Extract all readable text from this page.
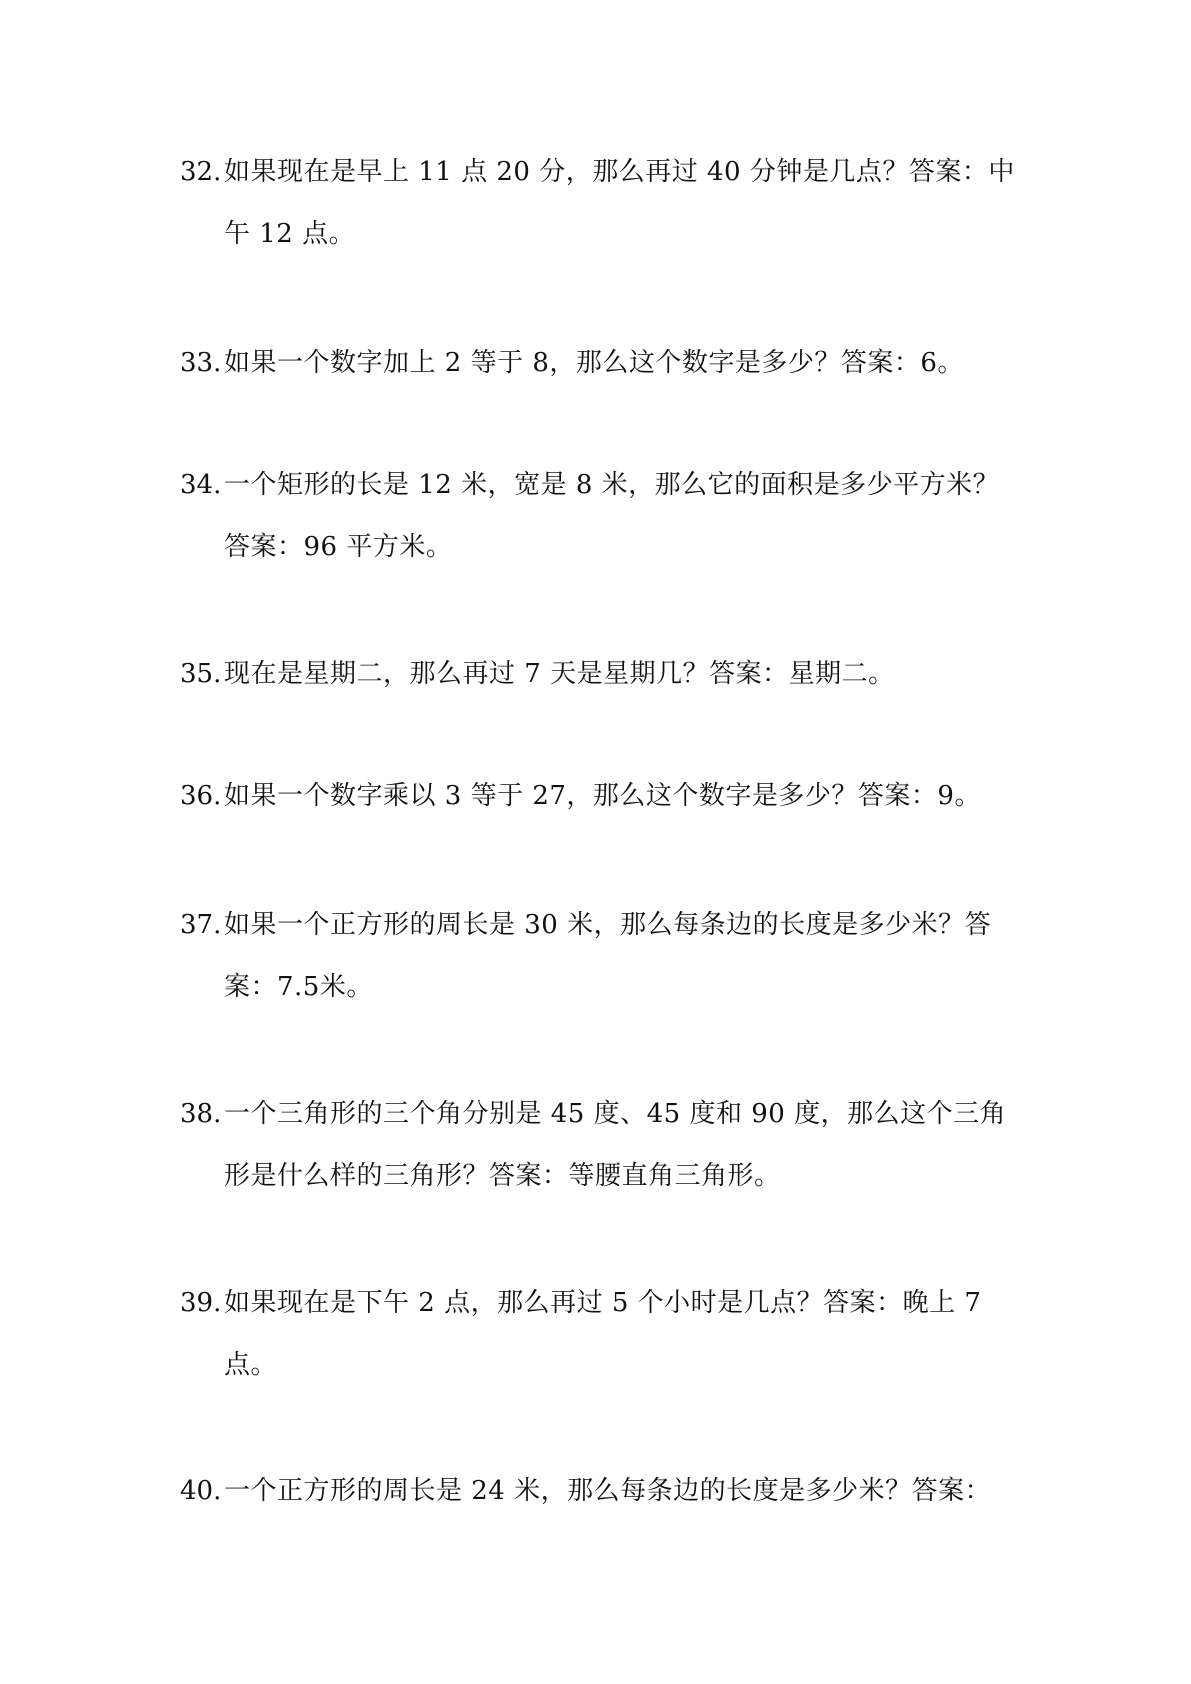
32. 如果现在是早上 11 点 20 分，那么再过 40 分钟是几点？答案：中午 12 点。
33. 如果一个数字加上 2 等于 8，那么这个数字是多少？答案：6。
34. 一个矩形的长是 12 米，宽是 8 米，那么它的面积是多少平方米？答案：96 平方米。
35. 现在是星期二，那么再过 7 天是星期几？答案：星期二。
36. 如果一个数字乘以 3 等于 27，那么这个数字是多少？答案：9。
37. 如果一个正方形的周长是 30 米，那么每条边的长度是多少米？答案：7.5米。
38. 一个三角形的三个角分别是 45 度、45 度和 90 度，那么这个三角形是什么样的三角形？答案：等腰直角三角形。
39. 如果现在是下午 2 点，那么再过 5 个小时是几点？答案：晚上 7 点。
40. 一个正方形的周长是 24 米，那么每条边的长度是多少米？答案：
